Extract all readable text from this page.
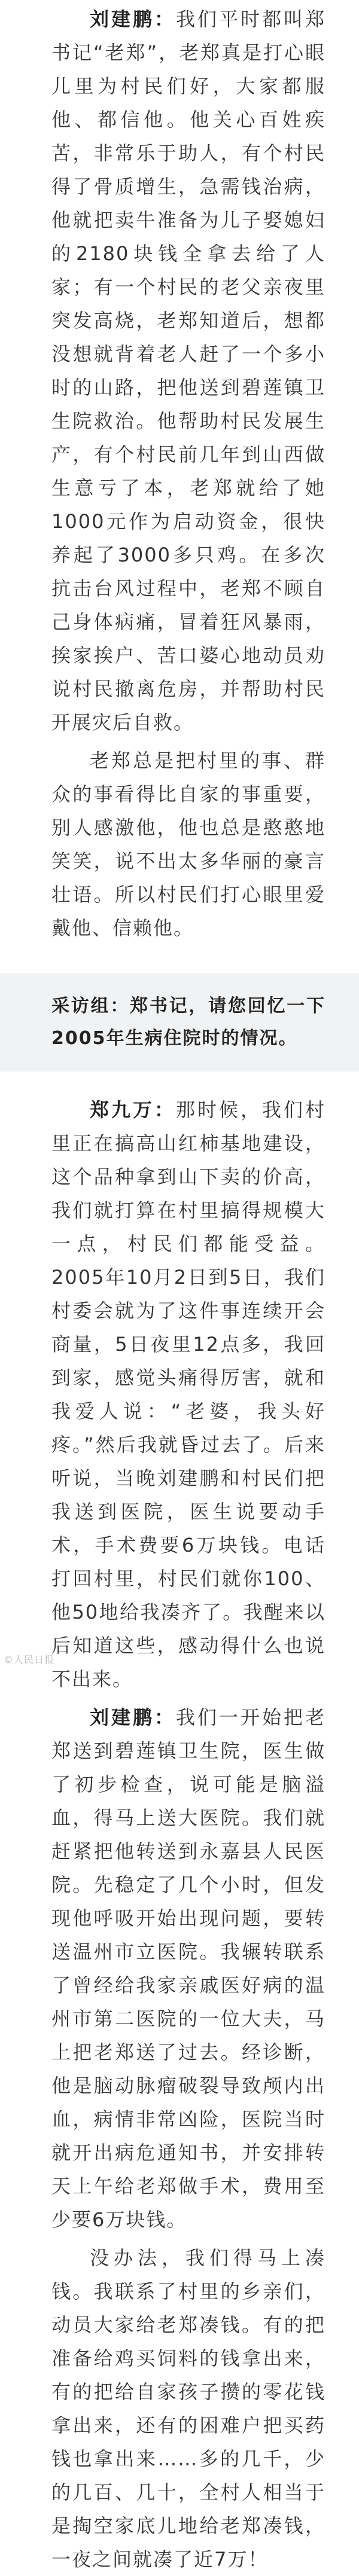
刘建鹏：我们平时都叫郑书记“老郑”，老郑真是打心眼儿里为村民们好，大家都服他、都信他。他关心百姓疾苦，非常乐于助人，有个村民得了骨质增生，急需钱治病，他就把卖牛准备为儿子娶媳妇的2180块钱全拿去给了人家；有一个村民的老父亲夜里突发高烧，老郑知道后，想都没想就背着老人赶了一个多小时的山路，把他送到碧莲镇卫生院救治。他帮助村民发展生产，有个村民前几年到山西做生意亏了本，老郑就给了她1000元作为启动资金，很快养起了3000多只鸡。在多次抗击台风过程中，老郑不顾自己身体病痛，冒着狂风暴雨，挨家挨户、苦口婆心地动员劝说村民撤离危房，并帮助村民开展灾后自救。

老郑总是把村里的事、群众的事看得比自家的事重要，别人感激他，他也总是憨憨地笑笑，说不出太多华丽的豪言壮语。所以村民们打心眼里爱戴他、信赖他。

采访组：郑书记，请您回忆一下2005年生病住院时的情况。

郑九万：那时候，我们村里正在搞高山红柿基地建设，这个品种拿到山下卖的价高，我们就打算在村里搞得规模大一点，村民们都能受益。2005年10月2日到5日，我们村委会就为了这件事连续开会商量，5日夜里12点多，我回到家，感觉头痛得厉害，就和我爱人说：“老婆，我头好疼。”然后我就昏过去了。后来听说，当晚刘建鹏和村民们把我送到医院，医生说要动手术，手术费要6万块钱。电话打回村里，村民们就你100、他50地给我凑齐了。我醒来以后知道这些，感动得什么也说不出来。

刘建鹏：我们一开始把老郑送到碧莲镇卫生院，医生做了初步检查，说可能是脑溢血，得马上送大医院。我们就赶紧把他转送到永嘉县人民医院。先稳定了几个小时，但发现他呼吸开始出现问题，要转送温州市立医院。我辗转联系了曾经给我家亲戚医好病的温州市第二医院的一位大夫，马上把老郑送了过去。经诊断，他是脑动脉瘤破裂导致颅内出血，病情非常凶险，医院当时就开出病危通知书，并安排转天上午给老郑做手术，费用至少要6万块钱。

没办法，我们得马上凑钱。我联系了村里的乡亲们，动员大家给老郑凑钱。有的把准备给鸡买饲料的钱拿出来，有的把给自家孩子攒的零花钱拿出来，还有的困难户把买药钱也拿出来……多的几千，少的几百、几十，全村人相当于是掏空家底儿地给老郑凑钱，一夜之间就凑了近7万！

©人民日报
